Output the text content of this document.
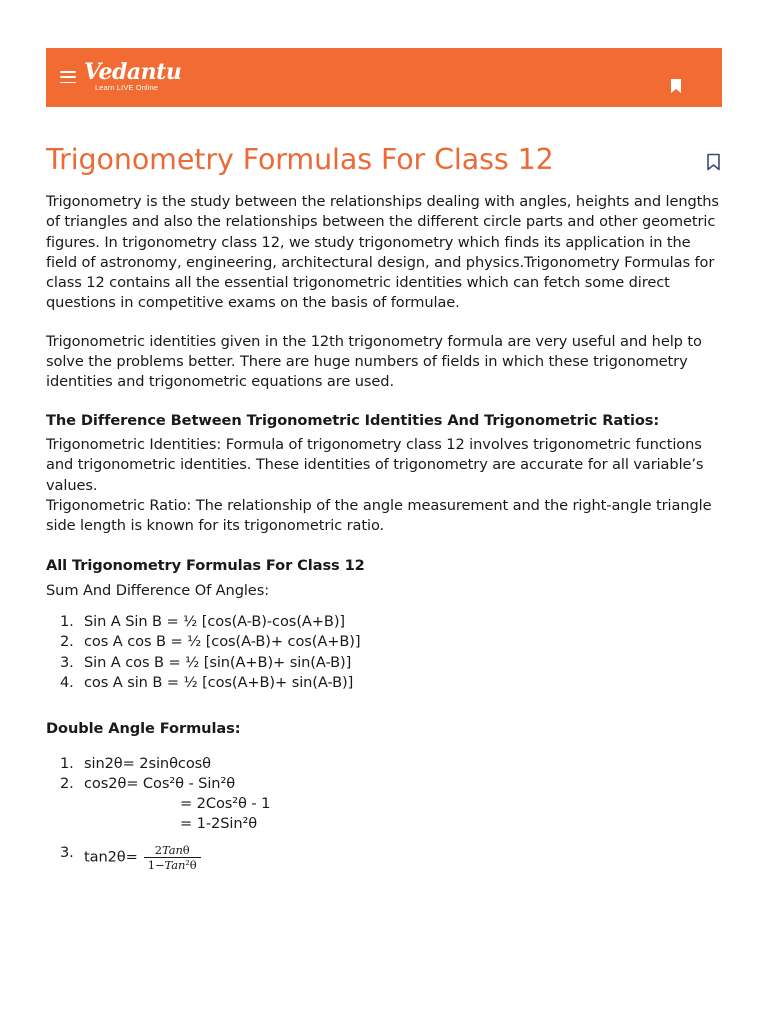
Vedantu
Learn LIVE Online
Trigonometry Formulas For Class 12

Trigonometry is the study between the relationships dealing with angles, heights and lengths of triangles and also the relationships between the different circle parts and other geometric figures. In trigonometry class 12, we study trigonometry which finds its application in the field of astronomy, engineering, architectural design, and physics.Trigonometry Formulas for class 12 contains all the essential trigonometric identities which can fetch some direct questions in competitive exams on the basis of formulae.

Trigonometric identities given in the 12th trigonometry formula are very useful and help to solve the problems better. There are huge numbers of fields in which these trigonometry identities and trigonometric equations are used.

The Difference Between Trigonometric Identities And Trigonometric Ratios:

Trigonometric Identities: Formula of trigonometry class 12 involves trigonometric functions and trigonometric identities. These identities of trigonometry are accurate for all variable’s values.

Trigonometric Ratio: The relationship of the angle measurement and the right-angle triangle side length is known for its trigonometric ratio.

All Trigonometry Formulas For Class 12

Sum And Difference Of Angles:

1. Sin A Sin B = ½ [cos(A-B)-cos(A+B)]
2. cos A cos B = ½ [cos(A-B)+ cos(A+B)]
3. Sin A cos B = ½ [sin(A+B)+ sin(A-B)]
4. cos A sin B = ½ [cos(A+B)+ sin(A-B)]

Double Angle Formulas:

1. sin2θ= 2sinθcosθ
2. cos2θ= Cos²θ - Sin²θ
= 2Cos²θ - 1
= 1-2Sin²θ
3. $\tan 2\theta= \frac{\text{2Tanθ}}{\text{1−Tan²θ}}$
